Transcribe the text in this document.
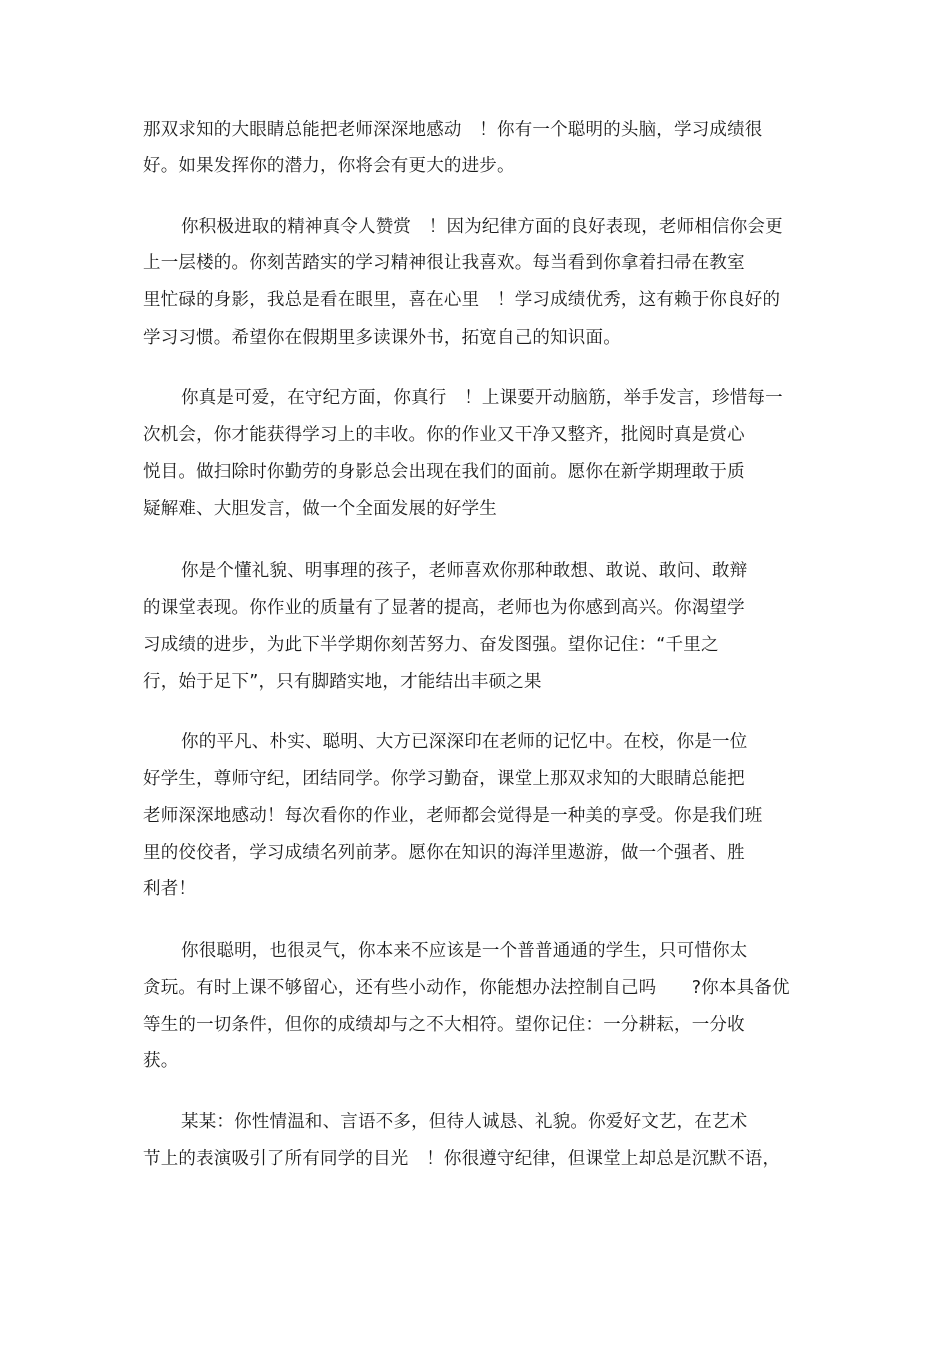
那双求知的大眼睛总能把老师深深地感动　！你有一个聪明的头脑，学习成绩很
好。如果发挥你的潜力，你将会有更大的进步。
你积极进取的精神真令人赞赏　！因为纪律方面的良好表现，老师相信你会更
上一层楼的。你刻苦踏实的学习精神很让我喜欢。每当看到你拿着扫帚在教室
里忙碌的身影，我总是看在眼里，喜在心里　！学习成绩优秀，这有赖于你良好的
学习习惯。希望你在假期里多读课外书，拓宽自己的知识面。
你真是可爱，在守纪方面，你真行　！上课要开动脑筋，举手发言，珍惜每一
次机会，你才能获得学习上的丰收。你的作业又干净又整齐，批阅时真是赏心
悦目。做扫除时你勤劳的身影总会出现在我们的面前。愿你在新学期理敢于质
疑解难、大胆发言，做一个全面发展的好学生
你是个懂礼貌、明事理的孩子，老师喜欢你那种敢想、敢说、敢问、敢辩
的课堂表现。你作业的质量有了显著的提高，老师也为你感到高兴。你渴望学
习成绩的进步，为此下半学期你刻苦努力、奋发图强。望你记住：“千里之
行，始于足下”，只有脚踏实地，才能结出丰硕之果
你的平凡、朴实、聪明、大方已深深印在老师的记忆中。在校，你是一位
好学生，尊师守纪，团结同学。你学习勤奋，课堂上那双求知的大眼睛总能把
老师深深地感动！每次看你的作业，老师都会觉得是一种美的享受。你是我们班
里的佼佼者，学习成绩名列前茅。愿你在知识的海洋里遨游，做一个强者、胜
利者！
你很聪明，也很灵气，你本来不应该是一个普普通通的学生，只可惜你太
贪玩。有时上课不够留心，还有些小动作，你能想办法控制自己吗　　?你本具备优
等生的一切条件，但你的成绩却与之不大相符。望你记住：一分耕耘，一分收
获。
某某：你性情温和、言语不多，但待人诚恳、礼貌。你爱好文艺，在艺术
节上的表演吸引了所有同学的目光　！你很遵守纪律，但课堂上却总是沉默不语，
